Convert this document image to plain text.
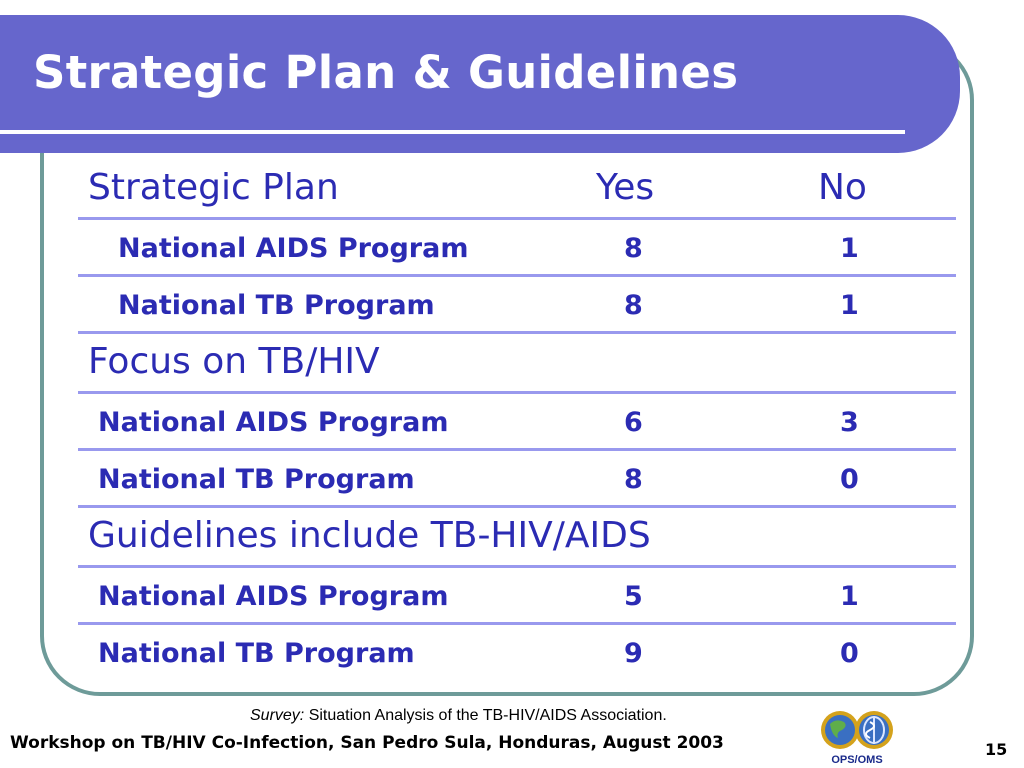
Strategic Plan & Guidelines
Strategic Plan	Yes	No
National AIDS Program	8	1
National TB Program	8	1
Focus on TB/HIV
National AIDS Program	6	3
National TB Program	8	0
Guidelines include TB-HIV/AIDS
National AIDS Program	5	1
National TB Program	9	0
Survey: Situation Analysis of the TB-HIV/AIDS Association.
Workshop on TB/HIV Co-Infection, San Pedro Sula, Honduras, August 2003
OPS/OMS
15
